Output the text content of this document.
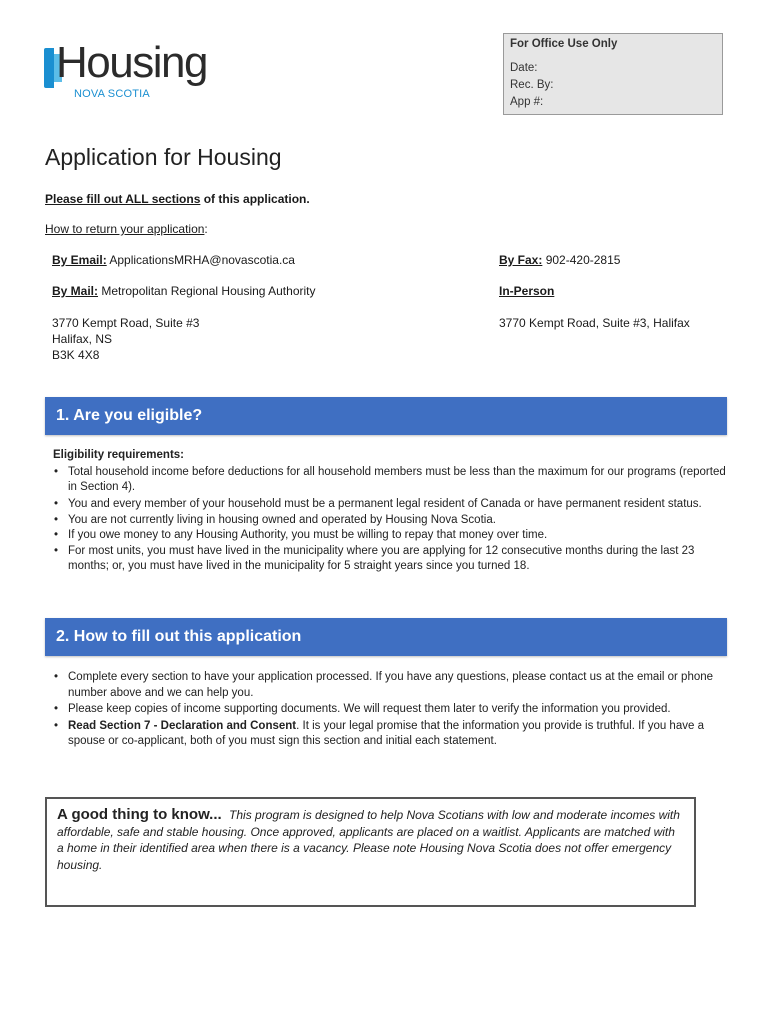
Housing
NOVA SCOTIA
For Office Use Only
Date:
Rec. By:
App #:
Application for Housing
Please fill out ALL sections of this application.
How to return your application:
By Email: ApplicationsMRHA@novascotia.ca	By Fax: 902-420-2815
By Mail: Metropolitan Regional Housing Authority	In-Person
3770 Kempt Road, Suite #3
Halifax, NS
B3K 4X8
3770 Kempt Road, Suite #3, Halifax
1. Are you eligible?
Eligibility requirements:
• Total household income before deductions for all household members must be less than the maximum for our programs (reported in Section 4).
• You and every member of your household must be a permanent legal resident of Canada or have permanent resident status.
• You are not currently living in housing owned and operated by Housing Nova Scotia.
• If you owe money to any Housing Authority, you must be willing to repay that money over time.
• For most units, you must have lived in the municipality where you are applying for 12 consecutive months during the last 23 months; or, you must have lived in the municipality for 5 straight years since you turned 18.
2. How to fill out this application
• Complete every section to have your application processed. If you have any questions, please contact us at the email or phone number above and we can help you.
• Please keep copies of income supporting documents. We will request them later to verify the information you provided.
• Read Section 7 - Declaration and Consent. It is your legal promise that the information you provide is truthful. If you have a spouse or co-applicant, both of you must sign this section and initial each statement.
A good thing to know... This program is designed to help Nova Scotians with low and moderate incomes with affordable, safe and stable housing. Once approved, applicants are placed on a waitlist. Applicants are matched with a home in their identified area when there is a vacancy. Please note Housing Nova Scotia does not offer emergency housing.
